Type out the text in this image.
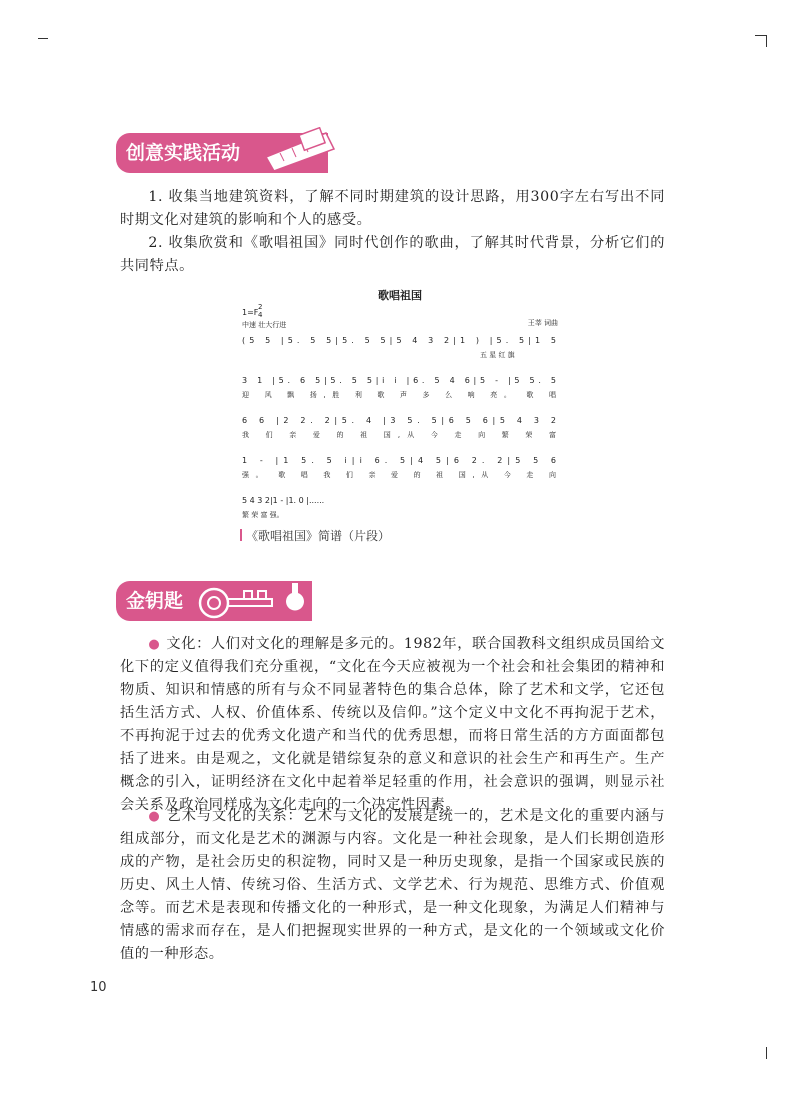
创意实践活动

1. 收集当地建筑资料，了解不同时期建筑的设计思路，用300字左右写出不同时期文化对建筑的影响和个人的感受。

2. 收集欣赏和《歌唱祖国》同时代创作的歌曲，了解其时代背景，分析它们的共同特点。

歌唱祖国
1=F
2
4
中速 壮大行进	王莘 词曲
(5 5 |5. 5 5|5. 5 5|5 4 3 2|1 ) |5. 5|1 5
五 星 红 旗
3 1 |5. 6 5|5. 5 5|i i |6. 5 4 6|5 - |5 5. 5
迎 风 飘 扬,胜 利 歌 声 多 么 响 亮。 歌 唱
6 6 |2 2. 2|5. 4 |3 5. 5|6 5 6|5 4 3 2
我 们 亲 爱 的 祖 国,从 今 走 向 繁 荣 富
1 - |1 5. 5 i|i 6. 5|4 5|6 2. 2|5 5 6
强。 歌 唱 我 们 亲 爱 的 祖 国,从 今 走 向
5 4 3 2|1 - |1. 0 |......
繁 荣 富 强。
《歌唱祖国》简谱（片段）
金钥匙

● 文化：人们对文化的理解是多元的。1982年，联合国教科文组织成员国给文化下的定义值得我们充分重视，“文化在今天应被视为一个社会和社会集团的精神和物质、知识和情感的所有与众不同显著特色的集合总体，除了艺术和文学，它还包括生活方式、人权、价值体系、传统以及信仰。”这个定义中文化不再拘泥于艺术，不再拘泥于过去的优秀文化遗产和当代的优秀思想，而将日常生活的方方面面都包括了进来。由是观之，文化就是错综复杂的意义和意识的社会生产和再生产。生产概念的引入，证明经济在文化中起着举足轻重的作用，社会意识的强调，则显示社会关系及政治同样成为文化走向的一个决定性因素。

● 艺术与文化的关系：艺术与文化的发展是统一的，艺术是文化的重要内涵与组成部分，而文化是艺术的渊源与内容。文化是一种社会现象，是人们长期创造形成的产物，是社会历史的积淀物，同时又是一种历史现象，是指一个国家或民族的历史、风土人情、传统习俗、生活方式、文学艺术、行为规范、思维方式、价值观念等。而艺术是表现和传播文化的一种形式，是一种文化现象，为满足人们精神与情感的需求而存在，是人们把握现实世界的一种方式，是文化的一个领域或文化价值的一种形态。

10
